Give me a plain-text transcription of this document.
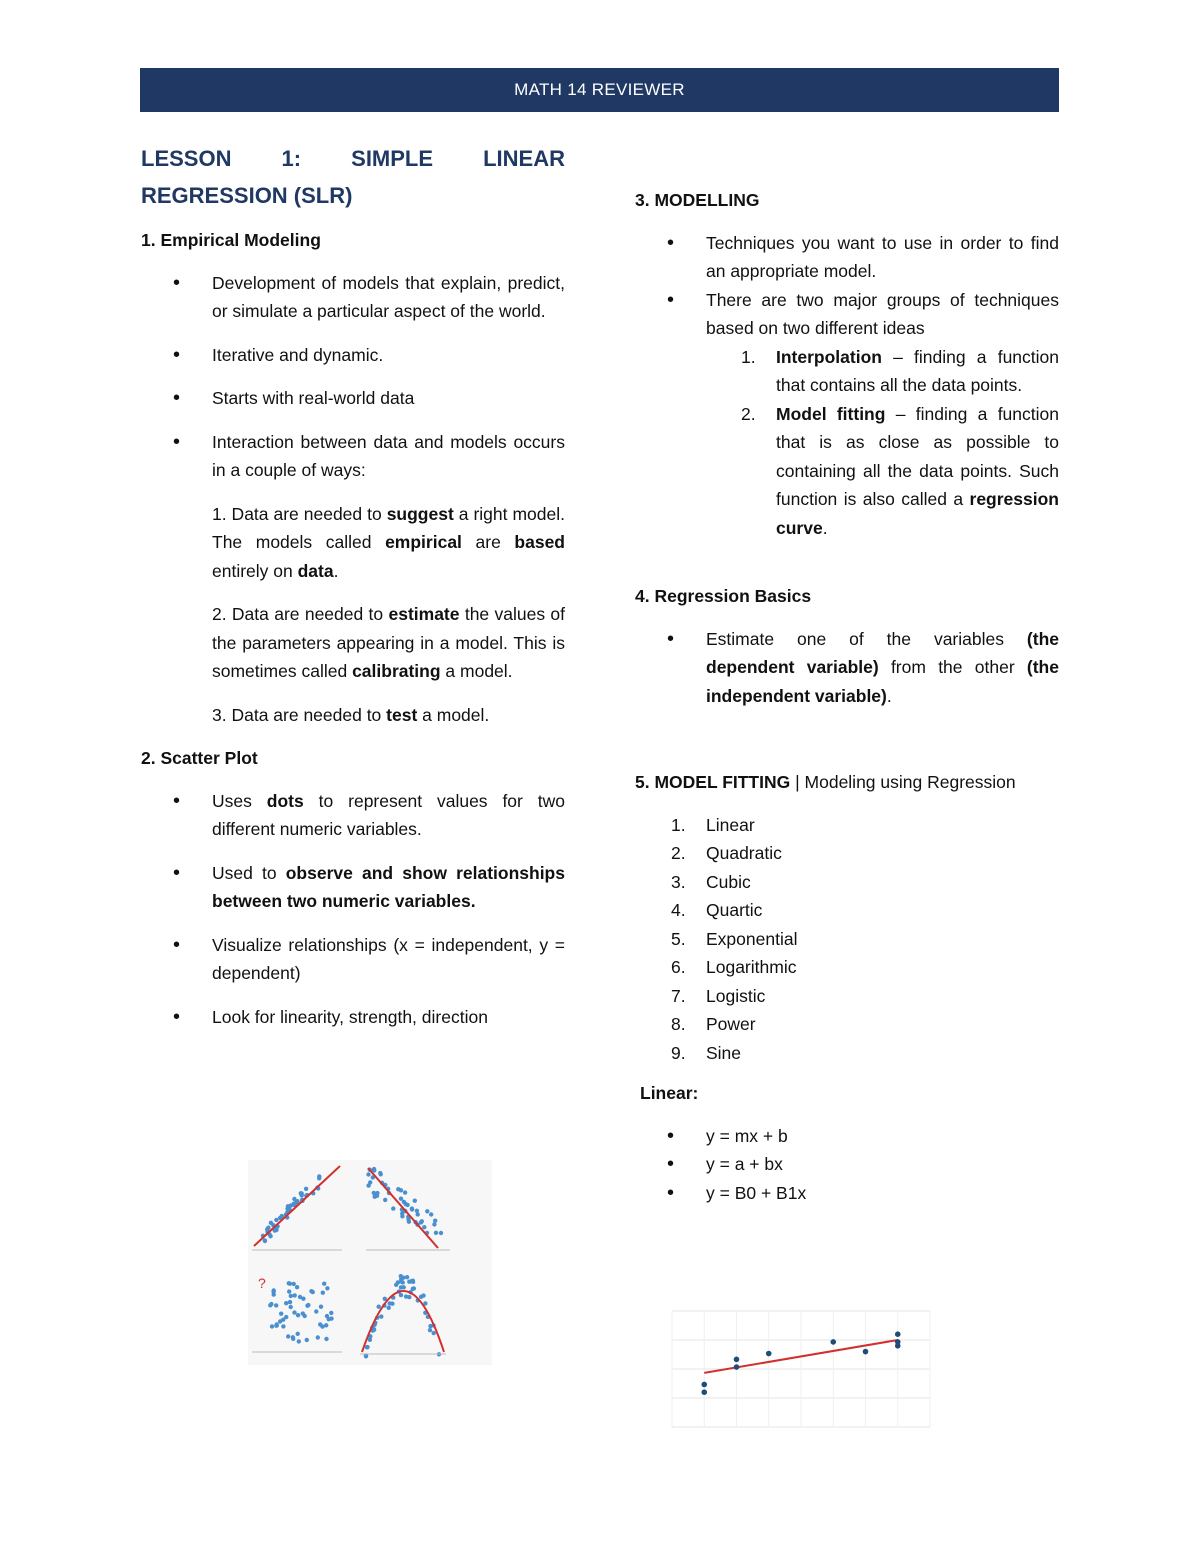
MATH 14 REVIEWER
LESSON 1: SIMPLE LINEAR REGRESSION (SLR)
1. Empirical Modeling
• Development of models that explain, predict, or simulate a particular aspect of the world.
• Iterative and dynamic.
• Starts with real-world data
• Interaction between data and models occurs in a couple of ways:
1. Data are needed to suggest a right model. The models called empirical are based entirely on data.
2. Data are needed to estimate the values of the parameters appearing in a model. This is sometimes called calibrating a model.
3. Data are needed to test a model.
2. Scatter Plot
• Uses dots to represent values for two different numeric variables.
• Used to observe and show relationships between two numeric variables.
• Visualize relationships (x = independent, y = dependent)
• Look for linearity, strength, direction
?
3. MODELLING
• Techniques you want to use in order to find an appropriate model.
• There are two major groups of techniques based on two different ideas
1. Interpolation – finding a function that contains all the data points.
2. Model fitting – finding a function that is as close as possible to containing all the data points. Such function is also called a regression curve.
4. Regression Basics
• Estimate one of the variables (the dependent variable) from the other (the independent variable).
5. MODEL FITTING | Modeling using Regression
1. Linear
2. Quadratic
3. Cubic
4. Quartic
5. Exponential
6. Logarithmic
7. Logistic
8. Power
9. Sine
Linear:
• y = mx + b
• y = a + bx
• y = B0 + B1x
